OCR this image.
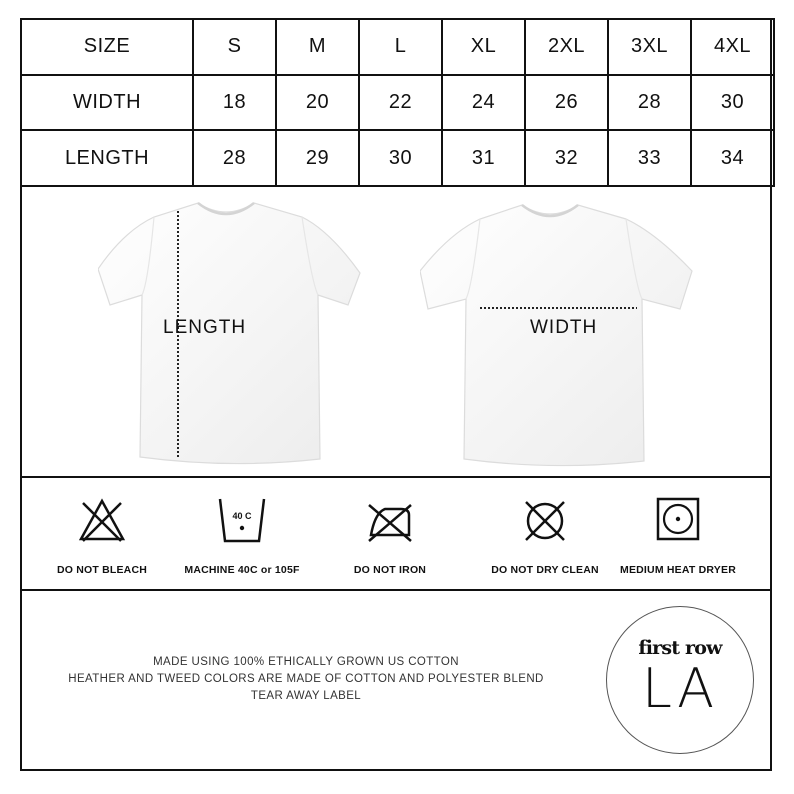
SIZE	S	M	L	XL	2XL	3XL	4XL
WIDTH	18	20	22	24	26	28	30
LENGTH	28	29	30	31	32	33	34
LENGTH	WIDTH
DO NOT BLEACH
40 C
MACHINE 40C or 105F	DO NOT IRON	DO NOT DRY CLEAN	MEDIUM HEAT DRYER
MADE USING 100% ETHICALLY GROWN US COTTON
HEATHER AND TWEED COLORS ARE MADE OF COTTON AND POLYESTER BLEND
TEAR AWAY LABEL
first row
LA
